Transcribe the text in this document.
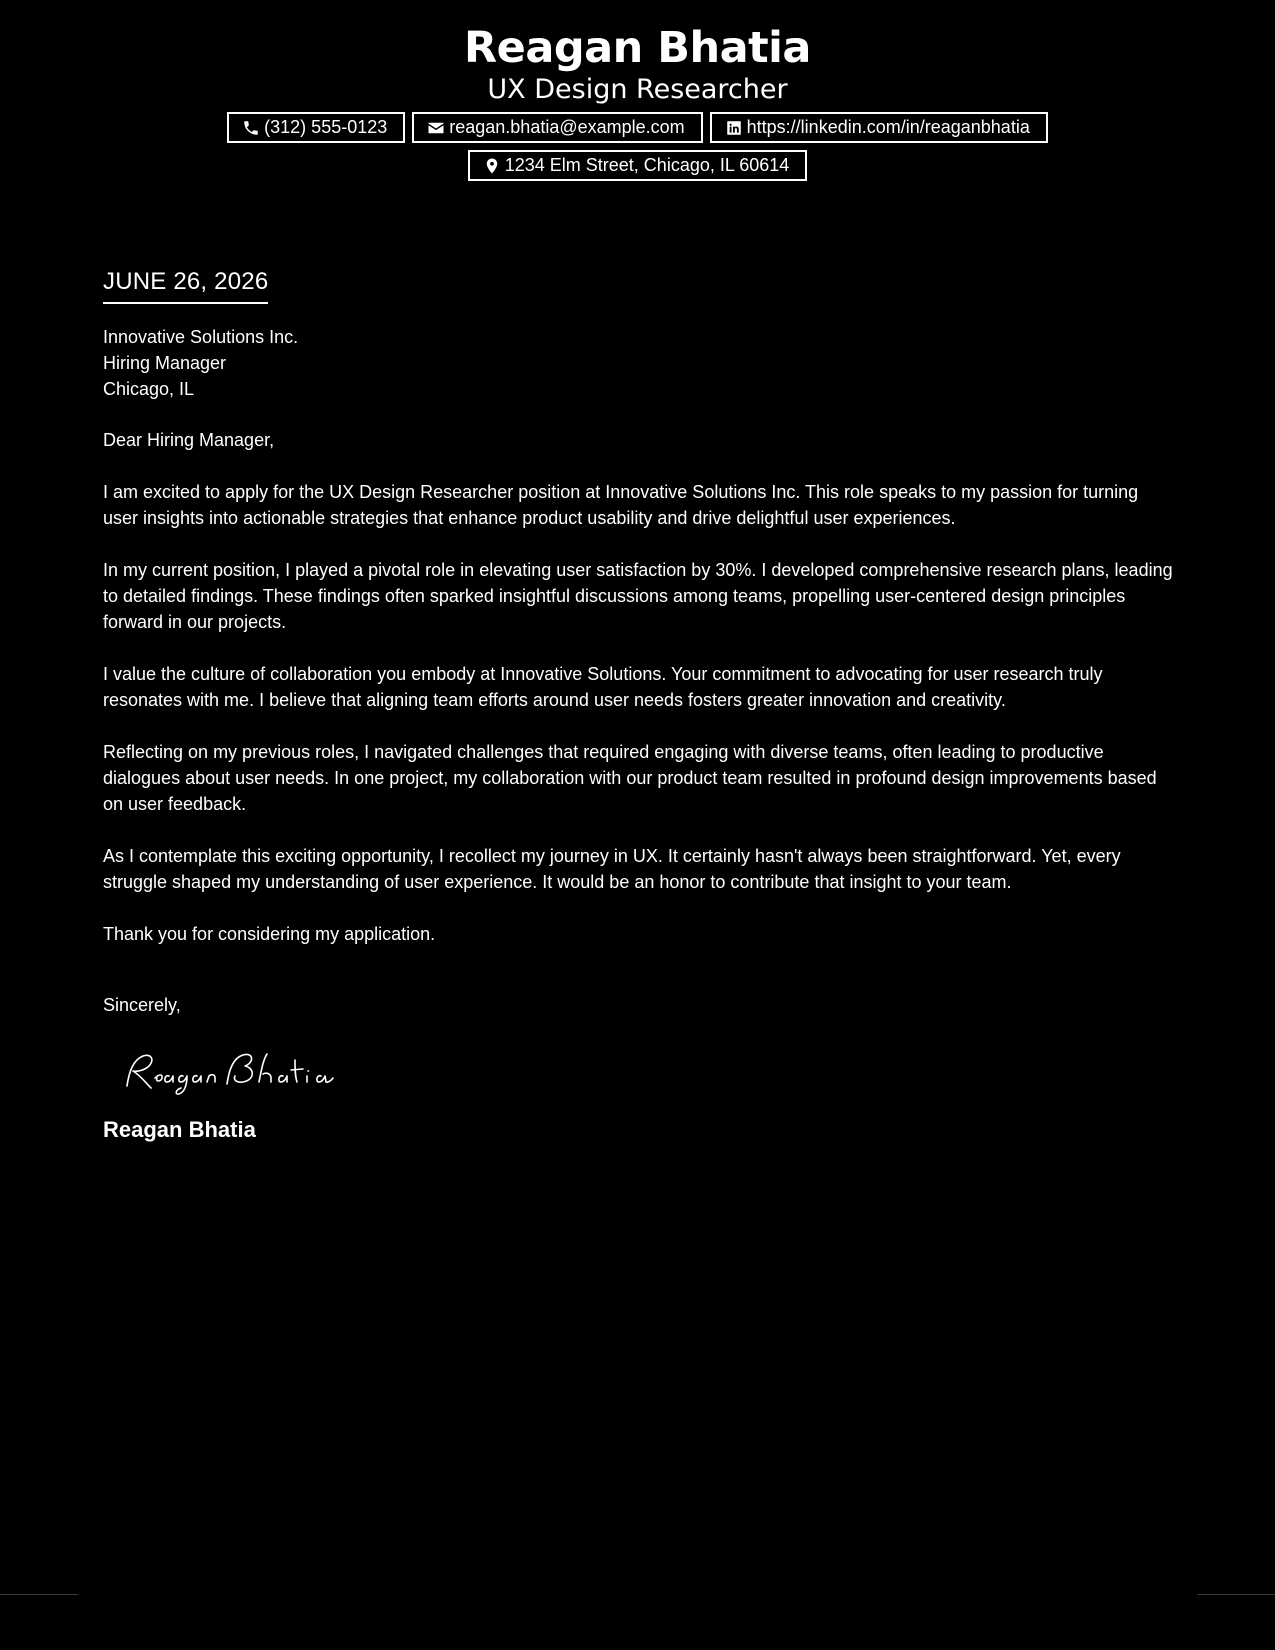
Reagan Bhatia

UX Design Researcher

(312) 555-0123	reagan.bhatia@example.com	https://linkedin.com/in/reaganbhatia
1234 Elm Street, Chicago, IL 60614
JUNE 26, 2026
Innovative Solutions Inc.
Hiring Manager
Chicago, IL
Dear Hiring Manager,

I am excited to apply for the UX Design Researcher position at Innovative Solutions Inc. This role speaks to my passion for turning user insights into actionable strategies that enhance product usability and drive delightful user experiences.

In my current position, I played a pivotal role in elevating user satisfaction by 30%. I developed comprehensive research plans, leading to detailed findings. These findings often sparked insightful discussions among teams, propelling user-centered design principles forward in our projects.

I value the culture of collaboration you embody at Innovative Solutions. Your commitment to advocating for user research truly resonates with me. I believe that aligning team efforts around user needs fosters greater innovation and creativity.

Reflecting on my previous roles, I navigated challenges that required engaging with diverse teams, often leading to productive dialogues about user needs. In one project, my collaboration with our product team resulted in profound design improvements based on user feedback.

As I contemplate this exciting opportunity, I recollect my journey in UX. It certainly hasn't always been straightforward. Yet, every struggle shaped my understanding of user experience. It would be an honor to contribute that insight to your team.

Thank you for considering my application.

Sincerely,
Reagan Bhatia
